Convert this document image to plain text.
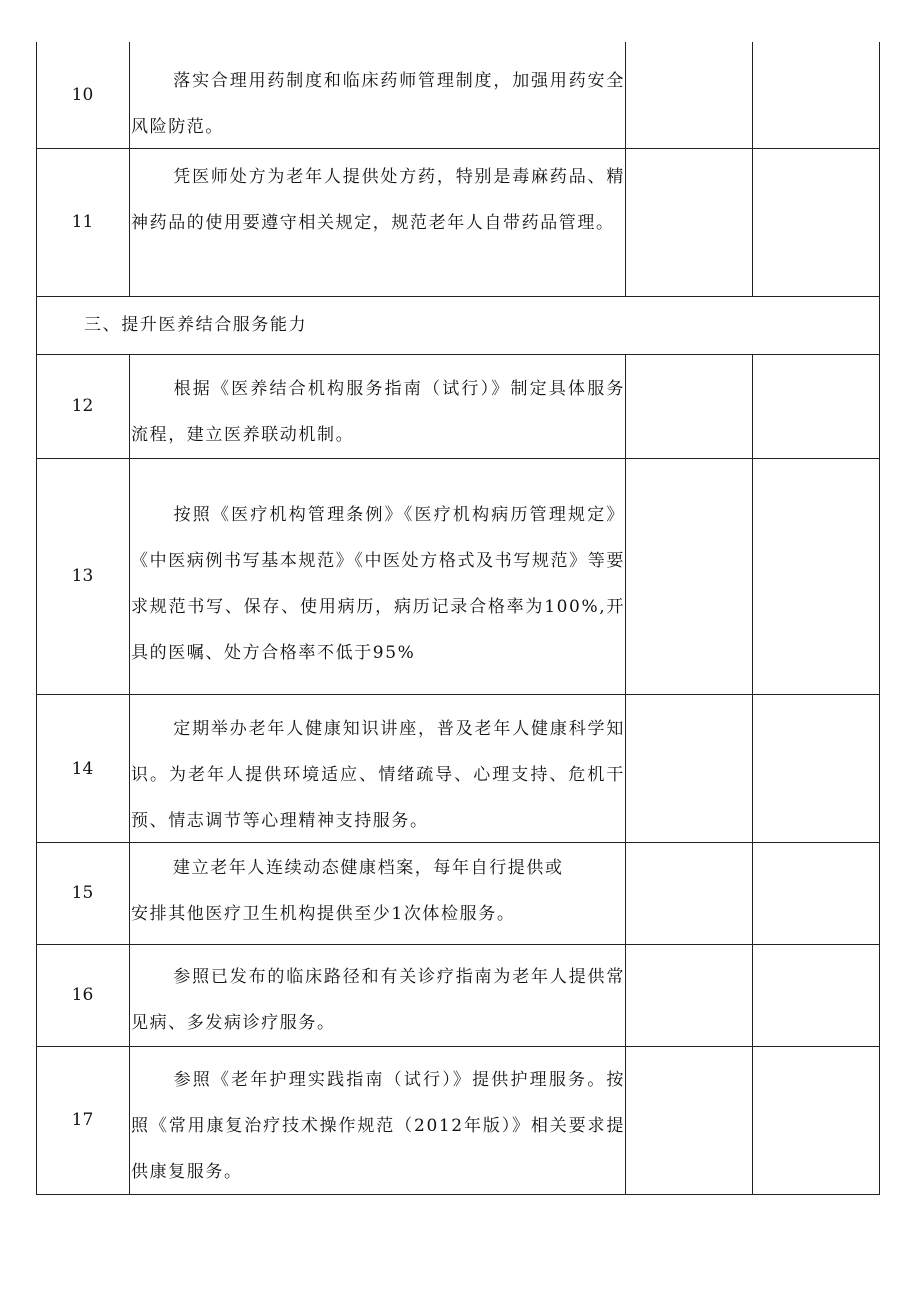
10
落实合理用药制度和临床药师管理制度，加强用药安全风险防范。
11
凭医师处方为老年人提供处方药，特别是毒麻药品、精神药品的使用要遵守相关规定，规范老年人自带药品管理。
三、提升医养结合服务能力
12
根据《医养结合机构服务指南（试行）》制定具体服务流程，建立医养联动机制。
13
按照《医疗机构管理条例》《医疗机构病历管理规定》《中医病例书写基本规范》《中医处方格式及书写规范》等要求规范书写、保存、使用病历，病历记录合格率为100%,开具的医嘱、处方合格率不低于95%
14
定期举办老年人健康知识讲座，普及老年人健康科学知识。为老年人提供环境适应、情绪疏导、心理支持、危机干预、情志调节等心理精神支持服务。
15
建立老年人连续动态健康档案，每年自行提供或
安排其他医疗卫生机构提供至少1次体检服务。
16
参照已发布的临床路径和有关诊疗指南为老年人提供常见病、多发病诊疗服务。
17
参照《老年护理实践指南（试行）》提供护理服务。按照《常用康复治疗技术操作规范（2012年版）》相关要求提供康复服务。
